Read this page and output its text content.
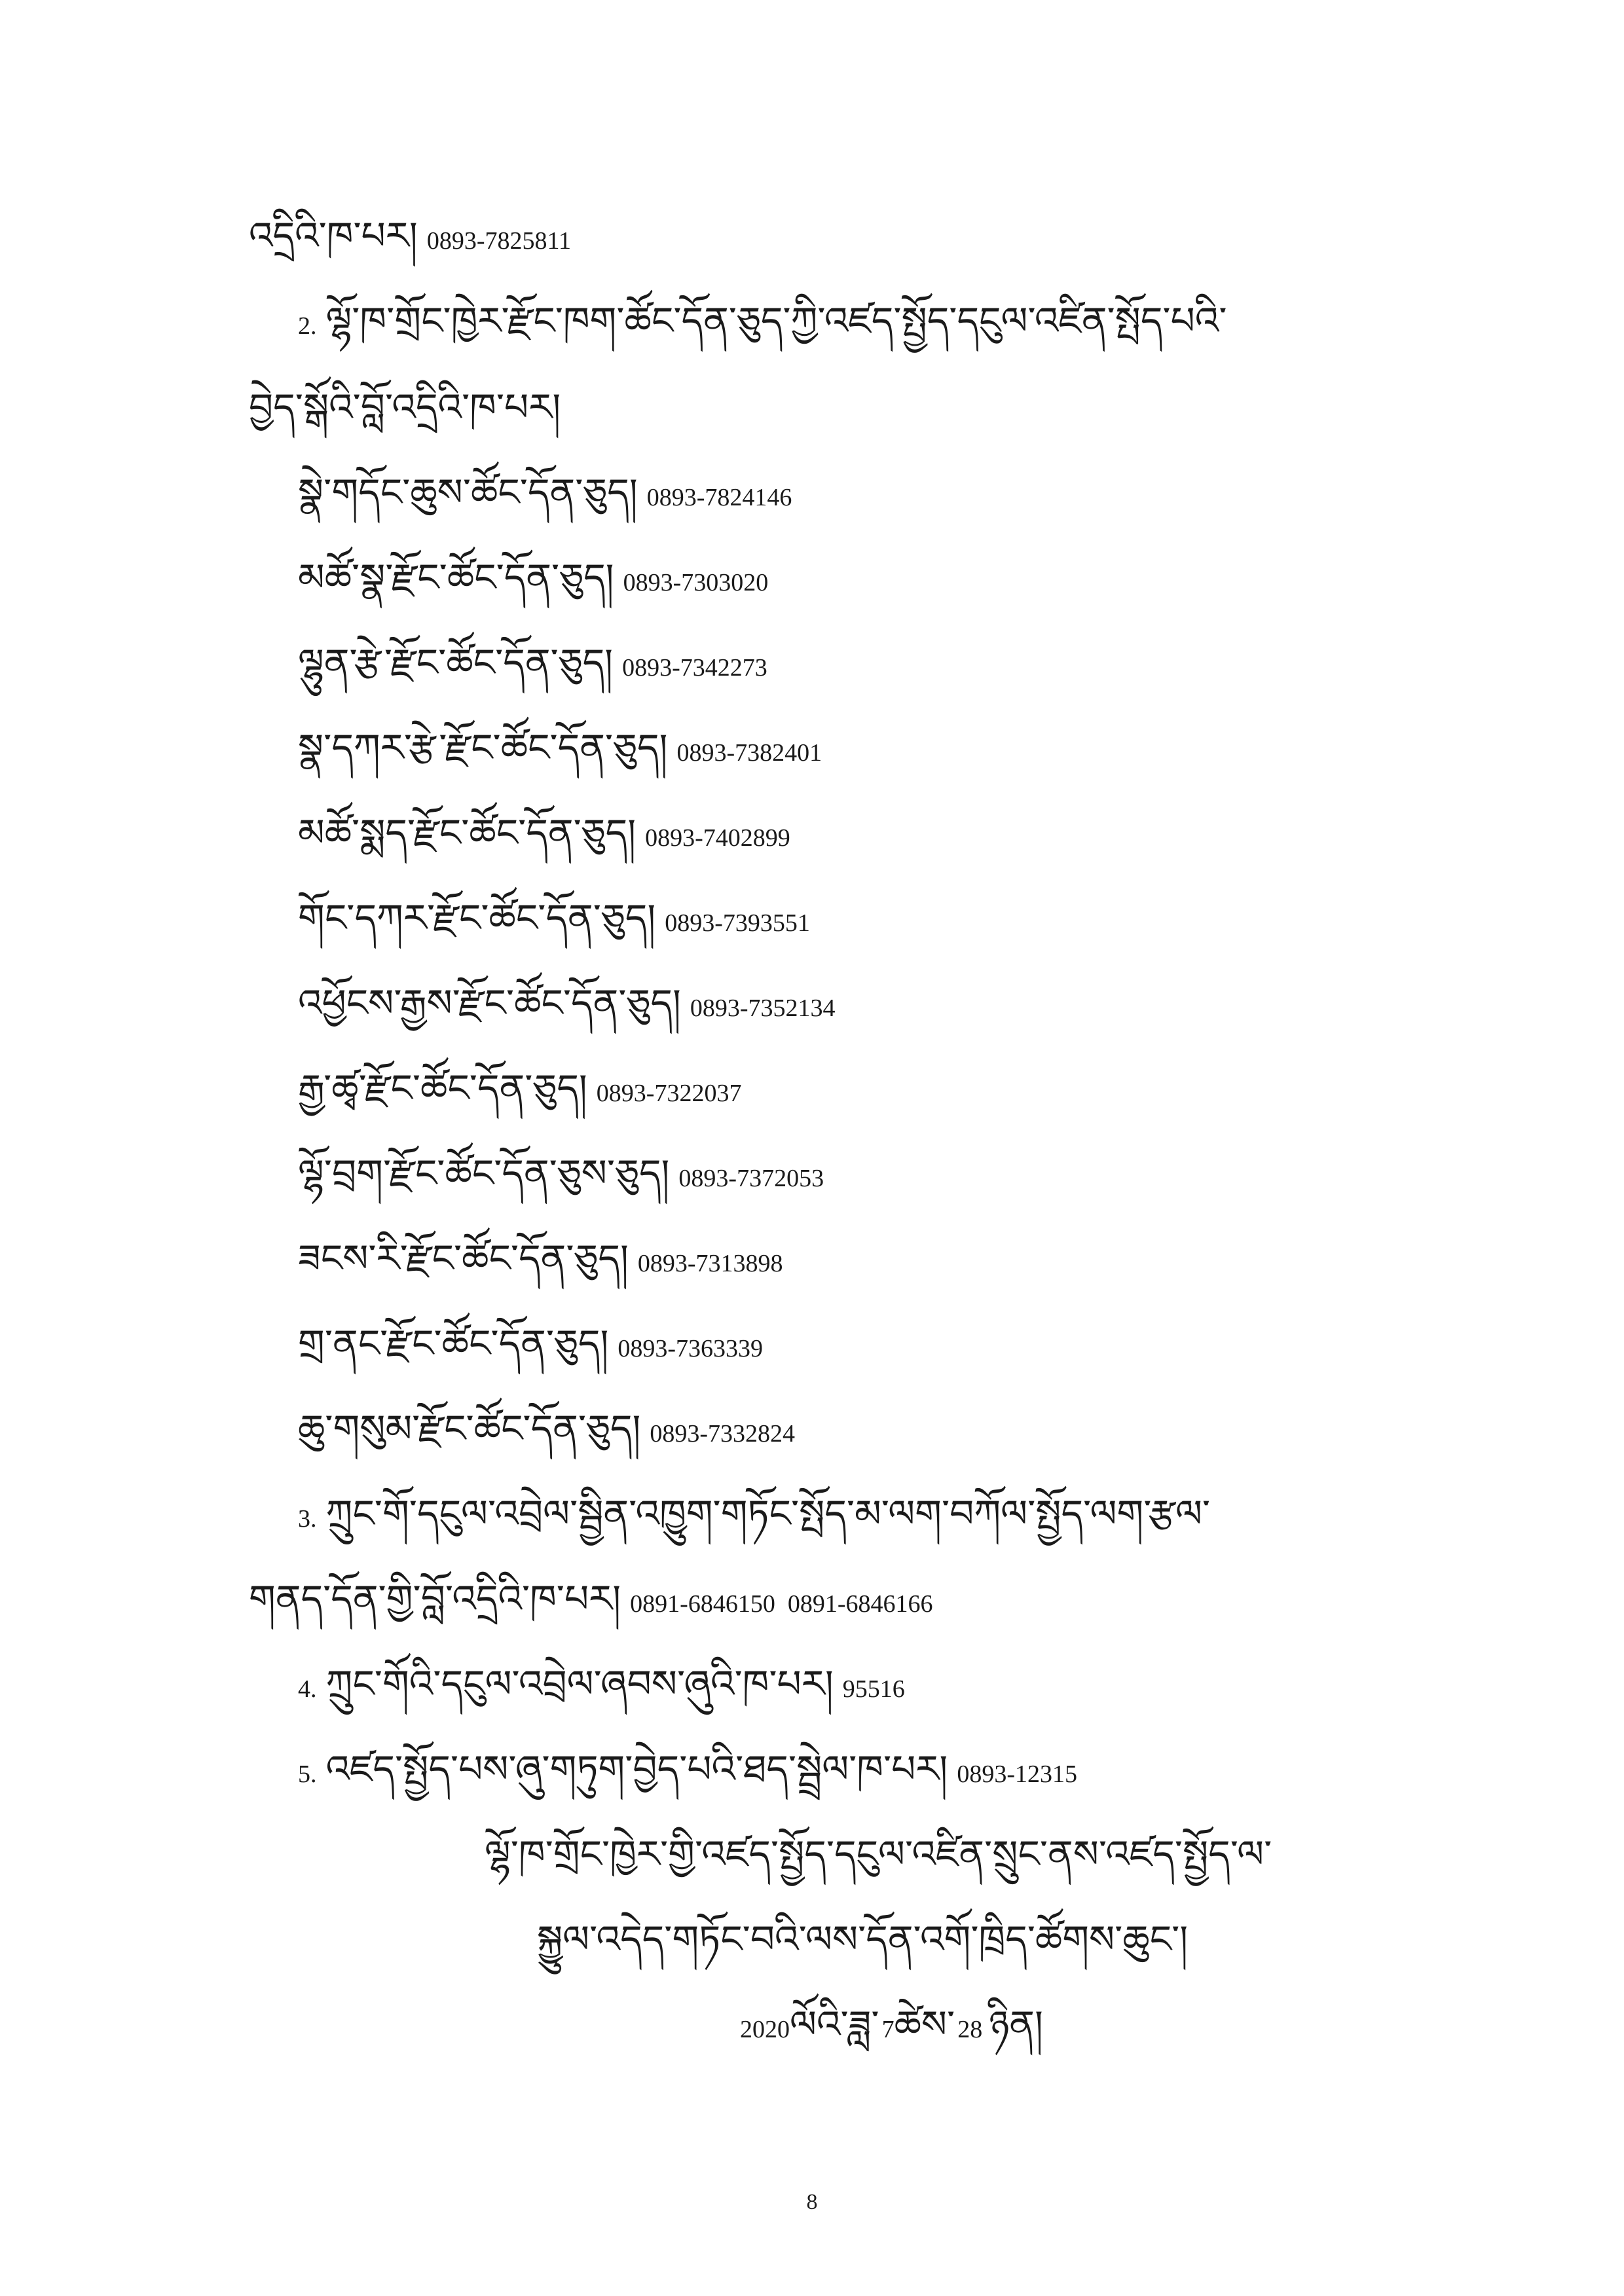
འདྲིའི་ཁ་པར། 0893-7825811
2. ལྷོ་ཁ་གྲོང་ཁྱེར་རྫོང་ཁག་ཚོང་དོན་ཅུད་ཀྱི་འཛད་སྤྱོད་དངུལ་འཛིན་སྤོད་པའི་
བྱེད་སྒོའི་བློ་འདྲིའི་ཁ་པར།
སྣེ་གདོང་ཆུས་ཚོང་དོན་ཅུད། 0893-7824146
མཚོ་སྣ་རྫོང་ཚོང་དོན་ཅུད། 0893-7303020
ལྷུན་རྩེ་རྫོང་ཚོང་དོན་ཅུད། 0893-7342273
སྣ་དཀར་རྩེ་རྫོང་ཚོང་དོན་ཅུད། 0893-7382401
མཚོ་སྨད་རྫོང་ཚོང་དོན་ཅུད། 0893-7402899
གོང་དཀར་རྫོང་ཚོང་དོན་ཅུད། 0893-7393551
འཕྱོངས་རྒྱས་རྫོང་ཚོང་དོན་ཅུད། 0893-7352134
རྒྱ་ཚྭ་རྫོང་ཚོང་དོན་ཅུད། 0893-7322037
ལྷོ་བྲག་རྫོང་ཚོང་དོན་ཅུས་ཅུད། 0893-7372053
ཟངས་རི་རྫོང་ཚོང་དོན་ཅུད། 0893-7313898
གྲ་ནང་རྫོང་ཚོང་དོན་ཅུད། 0893-7363339
ཆུ་གསུམ་རྫོང་ཚོང་དོན་ཅུད། 0893-7332824
3. ཀྲུང་གོ་དངུལ་འབྲེལ་སྦྱིན་འཁྱུག་གཏོང་སྤོད་མ་ལག་བཀོལ་སྤྱོད་ལག་རྩལ་
གནད་དོན་གྱི་བློ་འདྲིའི་ཁ་པར། 0891-6846150  0891-6846166
4. ཀྲུང་གོའི་དངུལ་འབྲེལ་ཞབས་ཞུའི་ཁ་པར། 95516
5. འཛད་སྤྱོད་པས་ཞུ་གཏུག་བྱེད་པའི་ཐད་སྦྲེལ་ཁ་པར། 0893-12315
ལྷོ་ཁ་གྲོང་ཁྱེར་གྱི་འཛད་སྤྱོད་དངུལ་འཛིན་སྲུང་ནས་འཛད་སྤྱོད་ལ་
སྐྱུལ་འདེད་གཏོང་བའི་ལས་དོན་འགོ་ཁྲིད་ཚོགས་ཆུང་།
2020ལོའི་ཟླ་ 7ཚེས་ 28 ཉིན།
8
